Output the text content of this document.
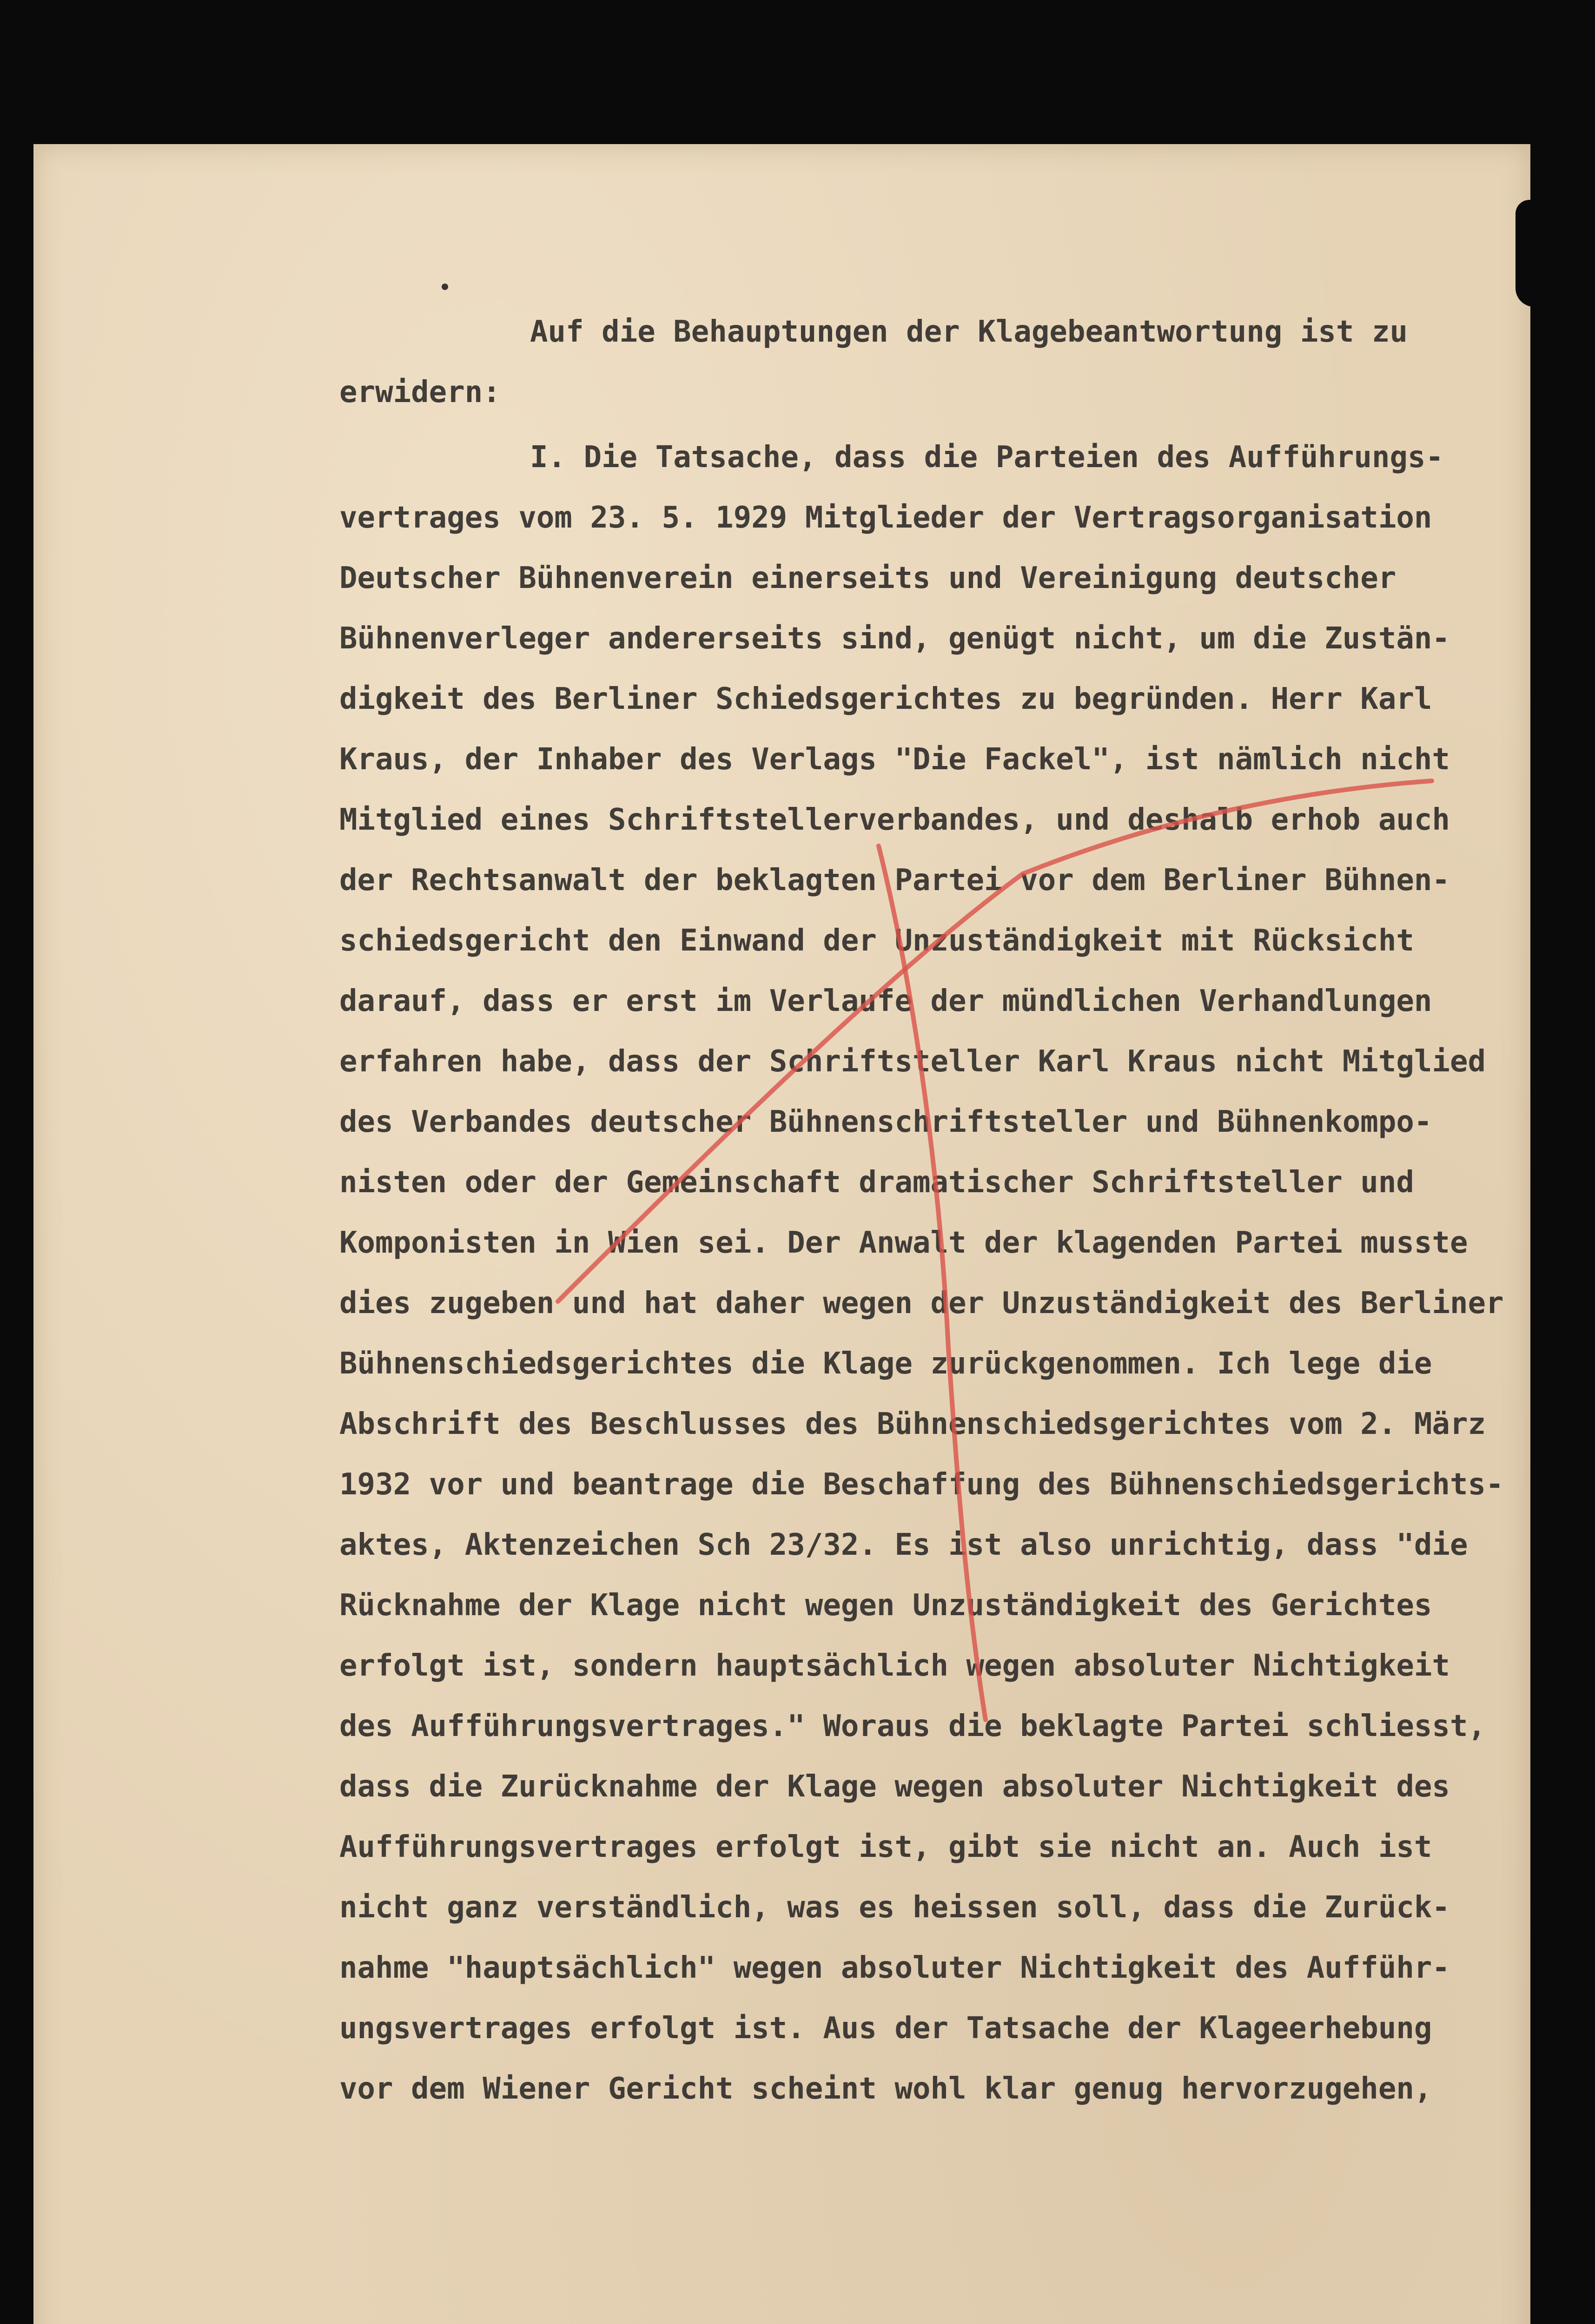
Auf die Behauptungen der Klagebeantwortung ist zu
erwidern:
I. Die Tatsache, dass die Parteien des Aufführungs-
vertrages vom 23. 5. 1929 Mitglieder der Vertragsorganisation
Deutscher Bühnenverein einerseits und Vereinigung deutscher
Bühnenverleger andererseits sind, genügt nicht, um die Zustän-
digkeit des Berliner Schiedsgerichtes zu begründen. Herr Karl
Kraus, der Inhaber des Verlags "Die Fackel", ist nämlich nicht
Mitglied eines Schriftstellerverbandes, und deshalb erhob auch
der Rechtsanwalt der beklagten Partei vor dem Berliner Bühnen-
schiedsgericht den Einwand der Unzuständigkeit mit Rücksicht
darauf, dass er erst im Verlaufe der mündlichen Verhandlungen
erfahren habe, dass der Schriftsteller Karl Kraus nicht Mitglied
des Verbandes deutscher Bühnenschriftsteller und Bühnenkompo-
nisten oder der Gemeinschaft dramatischer Schriftsteller und
Komponisten in Wien sei. Der Anwalt der klagenden Partei musste
dies zugeben und hat daher wegen der Unzuständigkeit des Berliner
Bühnenschiedsgerichtes die Klage zurückgenommen. Ich lege die
Abschrift des Beschlusses des Bühnenschiedsgerichtes vom 2. März
1932 vor und beantrage die Beschaffung des Bühnenschiedsgerichts-
aktes, Aktenzeichen Sch 23/32. Es ist also unrichtig, dass "die
Rücknahme der Klage nicht wegen Unzuständigkeit des Gerichtes
erfolgt ist, sondern hauptsächlich wegen absoluter Nichtigkeit
des Aufführungsvertrages." Woraus die beklagte Partei schliesst,
dass die Zurücknahme der Klage wegen absoluter Nichtigkeit des
Aufführungsvertrages erfolgt ist, gibt sie nicht an. Auch ist
nicht ganz verständlich, was es heissen soll, dass die Zurück-
nahme "hauptsächlich" wegen absoluter Nichtigkeit des Aufführ-
ungsvertrages erfolgt ist. Aus der Tatsache der Klageerhebung
vor dem Wiener Gericht scheint wohl klar genug hervorzugehen,
